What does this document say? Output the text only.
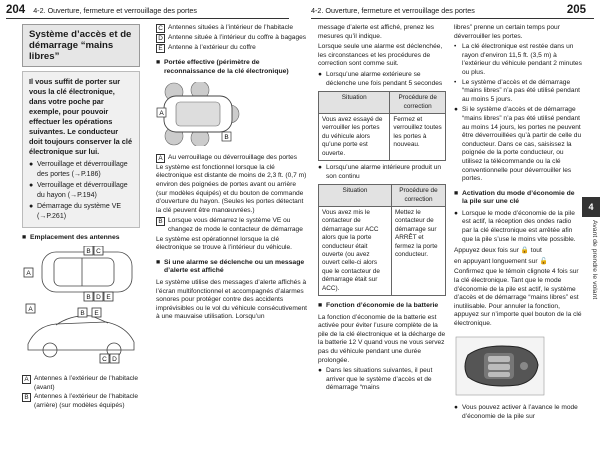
204 4-2. Ouverture, fermeture et verrouillage des portes	4-2. Ouverture, fermeture et verrouillage des portes	205
Système d’accès et de démarrage “mains libres”
Il vous suffit de porter sur vous la clé électronique, dans votre poche par exemple, pour pouvoir effectuer les opérations suivantes. Le conducteur doit toujours conserver la clé électronique sur lui.
● Verrouillage et déverrouillage des portes (→P.186)
● Verrouillage et déverrouillage du hayon (→P.194)
● Démarrage du système VE (→P.261)
■ Emplacement des antennes
A
B C
B D E
A
B E
C D
A Antennes à l’extérieur de l’habitacle (avant)
B Antennes à l’extérieur de l’habitacle (arrière) (sur modèles équipés)
C Antennes situées à l’intérieur de l’habitacle
D Antenne située à l’intérieur du coffre à bagages
E Antenne à l’extérieur du coffre
■ Portée effective (périmètre de reconnaissance de la clé électronique)
A
B
A Au verrouillage ou déverrouillage des portes
Le système est fonctionnel lorsque la clé électronique est distante de moins de 2,3 ft. (0,7 m) environ des poignées de portes avant ou arrière (sur modèles équipés) et du bouton de commande d’ouverture du hayon. (Seules les portes détectant la clé peuvent être manœuvrées.)
B Lorsque vous démarrez le système VE ou changez de mode le contacteur de démarrage
Le système est opérationnel lorsque la clé électronique se trouve à l’intérieur du véhicule.
■ Si une alarme se déclenche ou un message d’alerte est affiché
Le système utilise des messages d’alerte affichés à l’écran multifonctionnel et accompagnés d’alarmes sonores pour protéger contre des accidents imprévisibles ou le vol du véhicule consécutivement à une mauvaise utilisation. Lorsqu’un
message d’alerte est affiché, prenez les mesures qu’il indique.
Lorsque seule une alarme est déclenchée, les circonstances et les procédures de correction sont comme suit.
● Lorsqu’une alarme extérieure se déclenche une fois pendant 5 secondes
Situation	Procédure de correction
Vous avez essayé de verrouiller les portes du véhicule alors qu’une porte est ouverte.	Fermez et verrouillez toutes les portes à nouveau.
● Lorsqu’une alarme intérieure produit un son continu
Situation	Procédure de correction
Vous avez mis le contacteur de démarrage sur ACC alors que la porte conducteur était ouverte (ou avez ouvert celle-ci alors que le contacteur de démarrage était sur ACC).	Mettez le contacteur de démarrage sur ARRÊT et fermez la porte conducteur.
■ Fonction d’économie de la batterie
La fonction d’économie de la batterie est activée pour éviter l’usure complète de la pile de la clé électronique et la décharge de la batterie 12 V quand vous ne vous servez pas du véhicule pendant une durée prolongée.
● Dans les situations suivantes, il peut arriver que le système d’accès et de démarrage “mains
libres” prenne un certain temps pour déverrouiller les portes.
• La clé électronique est restée dans un rayon d’environ 11,5 ft. (3,5 m) à l’extérieur du véhicule pendant 2 minutes ou plus.
• Le système d’accès et de démarrage “mains libres” n’a pas été utilisé pendant au moins 5 jours.
● Si le système d’accès et de démarrage “mains libres” n’a pas été utilisé pendant au moins 14 jours, les portes ne peuvent être déverrouillées qu’à partir de celle du conducteur. Dans ce cas, saisissez la poignée de la porte conducteur, ou utilisez la télécommande ou la clé conventionnelle pour déverrouiller les portes.
■ Activation du mode d’économie de la pile sur une clé
● Lorsque le mode d’économie de la pile est actif, la réception des ondes radio par la clé électronique est arrêtée afin que la pile s’use le moins vite possible.
Appuyez deux fois sur 🔒 tout
en appuyant longuement sur 🔓
Confirmez que le témoin clignote 4 fois sur la clé électronique. Tant que le mode d’économie de la pile est actif, le système d’accès et de démarrage “mains libres” est inutilisable. Pour annuler la fonction, appuyez sur n’importe quel bouton de la clé électronique.
● Vous pouvez activer à l’avance le mode d’économie de la pile sur
4
Avant de prendre le volant
